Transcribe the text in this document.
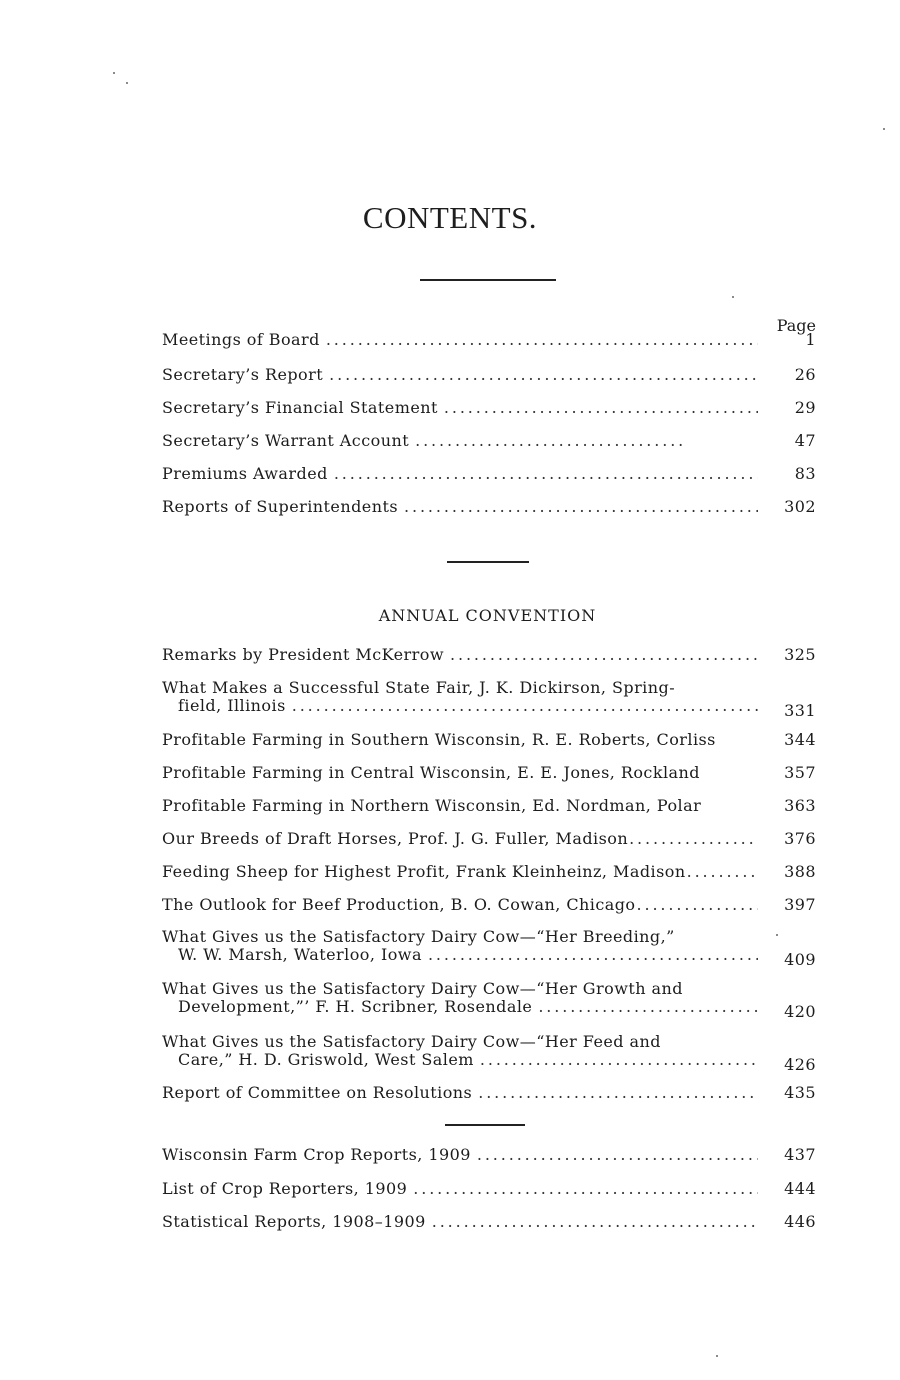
CONTENTS.
Page
Meetings of Board . . .	1
Secretary’s Report . . .	26
Secretary’s Financial Statement . . .	29
Secretary’s Warrant Account . . .	47
Premiums Awarded . . .	83
Reports of Superintendents . . .	302
ANNUAL CONVENTION
Remarks by President McKerrow . . .	325
What Makes a Successful State Fair, J. K. Dickirson, Spring-
field, Illinois . . .	331
Profitable Farming in Southern Wisconsin, R. E. Roberts, Corliss	344
Profitable Farming in Central Wisconsin, E. E. Jones, Rockland	357
Profitable Farming in Northern Wisconsin, Ed. Nordman, Polar	363
Our Breeds of Draft Horses, Prof. J. G. Fuller, Madison . . .	376
Feeding Sheep for Highest Profit, Frank Kleinheinz, Madison . . .	388
The Outlook for Beef Production, B. O. Cowan, Chicago . . .	397
What Gives us the Satisfactory Dairy Cow—“Her Breeding,”
W. W. Marsh, Waterloo, Iowa . . .	409
What Gives us the Satisfactory Dairy Cow—“Her Growth and
Development,”’ F. H. Scribner, Rosendale . . .	420
What Gives us the Satisfactory Dairy Cow—“Her Feed and
Care,” H. D. Griswold, West Salem . . .	426
Report of Committee on Resolutions . . .	435
Wisconsin Farm Crop Reports, 1909 . . .	437
List of Crop Reporters, 1909 . . .	444
Statistical Reports, 1908–1909 . . .	446
